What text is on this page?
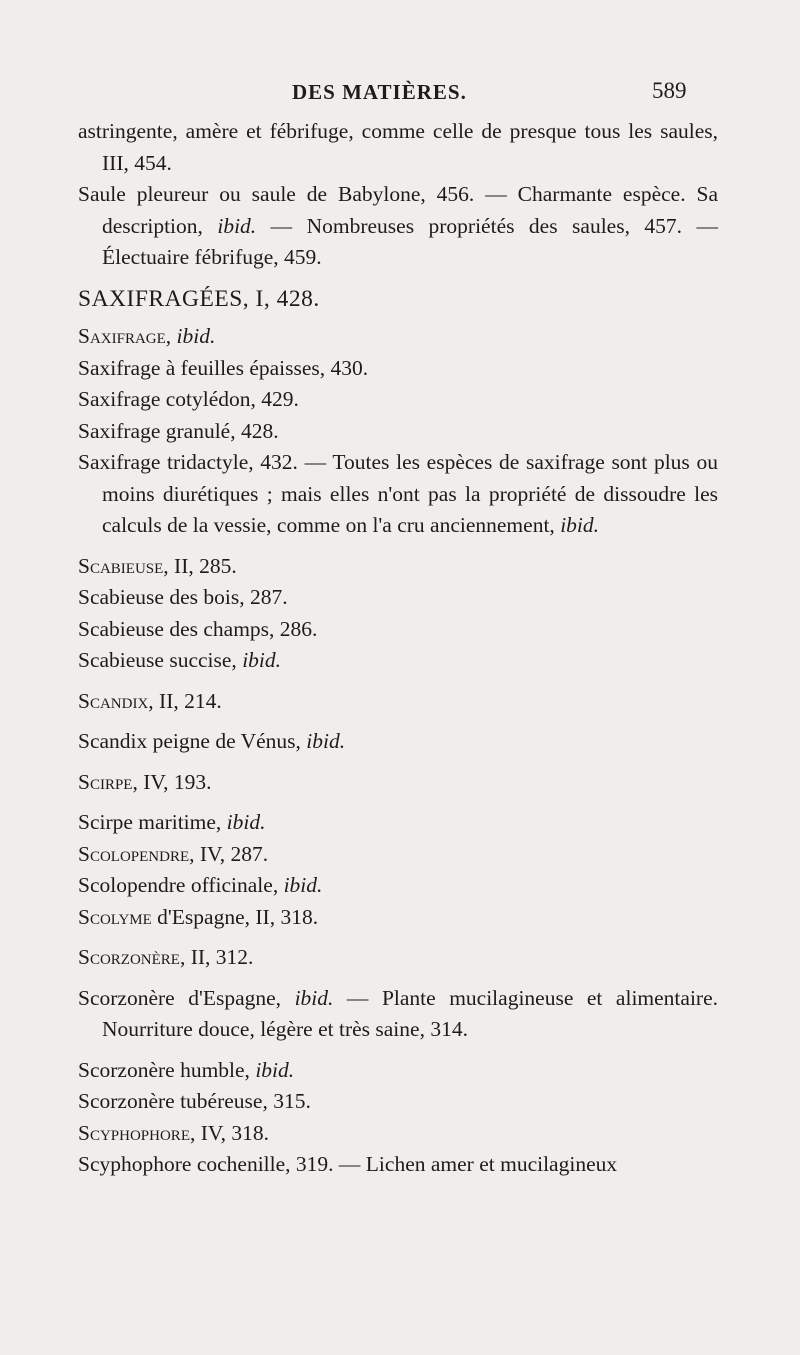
DES MATIÈRES.	589

astringente, amère et fébrifuge, comme celle de presque tous les saules, III, 454.

Saule pleureur ou saule de Babylone, 456. — Charmante espèce. Sa description, ibid. — Nombreuses propriétés des saules, 457. — Électuaire fébrifuge, 459.

SAXIFRAGÉES, I, 428.

Saxifrage, ibid.

Saxifrage à feuilles épaisses, 430.

Saxifrage cotylédon, 429.

Saxifrage granulé, 428.

Saxifrage tridactyle, 432. — Toutes les espèces de saxifrage sont plus ou moins diurétiques ; mais elles n'ont pas la propriété de dissoudre les calculs de la vessie, comme on l'a cru anciennement, ibid.

Scabieuse, II, 285.

Scabieuse des bois, 287.

Scabieuse des champs, 286.

Scabieuse succise, ibid.

Scandix, II, 214.

Scandix peigne de Vénus, ibid.

Scirpe, IV, 193.

Scirpe maritime, ibid.

Scolopendre, IV, 287.

Scolopendre officinale, ibid.

Scolyme d'Espagne, II, 318.

Scorzonère, II, 312.

Scorzonère d'Espagne, ibid. — Plante mucilagineuse et alimentaire. Nourriture douce, légère et très saine, 314.

Scorzonère humble, ibid.

Scorzonère tubéreuse, 315.

Scyphophore, IV, 318.

Scyphophore cochenille, 319. — Lichen amer et mucilagineux
